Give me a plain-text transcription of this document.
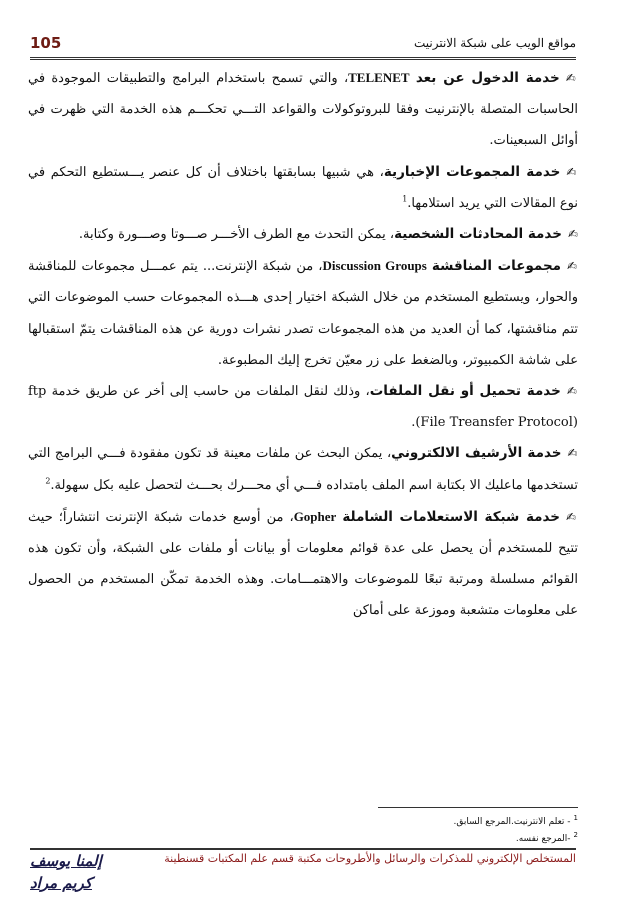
مواقع الويب على شبكة الانترنيت
105

✍خدمة الدخول عن بعد TELENET، والتي تسمح باستخدام البرامج والتطبيقات الموجودة في الحاسبات المتصلة بالإنترنيت وفقا للبروتوكولات والقواعد التـــي تحكـــم هذه الخدمة التي ظهرت في أوائل السبعينات.

✍خدمة المجموعات الإخبارية، هي شبيها بسابقتها باختلاف أن كل عنصر يـــستطيع التحكم في نوع المقالات التي يريد استلامها.$^1$

✍خدمة المحادثات الشخصية، يمكن التحدث مع الطرف الأخـــر صـــوتا وصـــورة وكتابة.

✍مجموعات المناقشة Discussion Groups، من شبكة الإنترنت... يتم عمـــل مجموعات للمناقشة والحوار، ويستطيع المستخدم من خلال الشبكة اختيار إحدى هـــذه المجموعات حسب الموضوعات التي تتم مناقشتها، كما أن العديد من هذه المجموعات تصدر نشرات دورية عن هذه المناقشات يتمّ استقبالها على شاشة الكمبيوتر، وبالضغط على زر معيّن تخرج إليك المطبوعة.

✍خدمة تحميل أو نقل الملفات، وذلك لنقل الملفات من حاسب إلى أخر عن طريق خدمة ftp (File Treansfer Protocol).

✍خدمة الأرشيف الالكتروني، يمكن البحث عن ملفات معينة قد تكون مفقودة فـــي البرامج التي تستخدمها ماعليك الا بكتابة اسم الملف بامتداده فـــي أي محـــرك بحـــث لتحصل عليه بكل سهولة.$^2$

✍خدمة شبكة الاستعلامات الشاملة Gopher، من أوسع خدمات شبكة الإنترنت انتشاراً؛ حيث تتيح للمستخدم أن يحصل على عدة قوائم معلومات أو بيانات أو ملفات على الشبكة، وأن تكون هذه القوائم مسلسلة ومرتبة تبعًا للموضوعات والاهتمـــامات. وهذه الخدمة تمكّن المستخدم من الحصول على معلومات متشعبة وموزعة على أماكن

$^1$- تعلم الانترنيت.المرجع السابق.
$^2$-المرجع نفسه.
المستخلص الإلكتروني للمذكرات والرسائل والأطروحات مكتبة قسم علم المكتبات قسنطينة
إلمنا يوسف
كريم مراد
